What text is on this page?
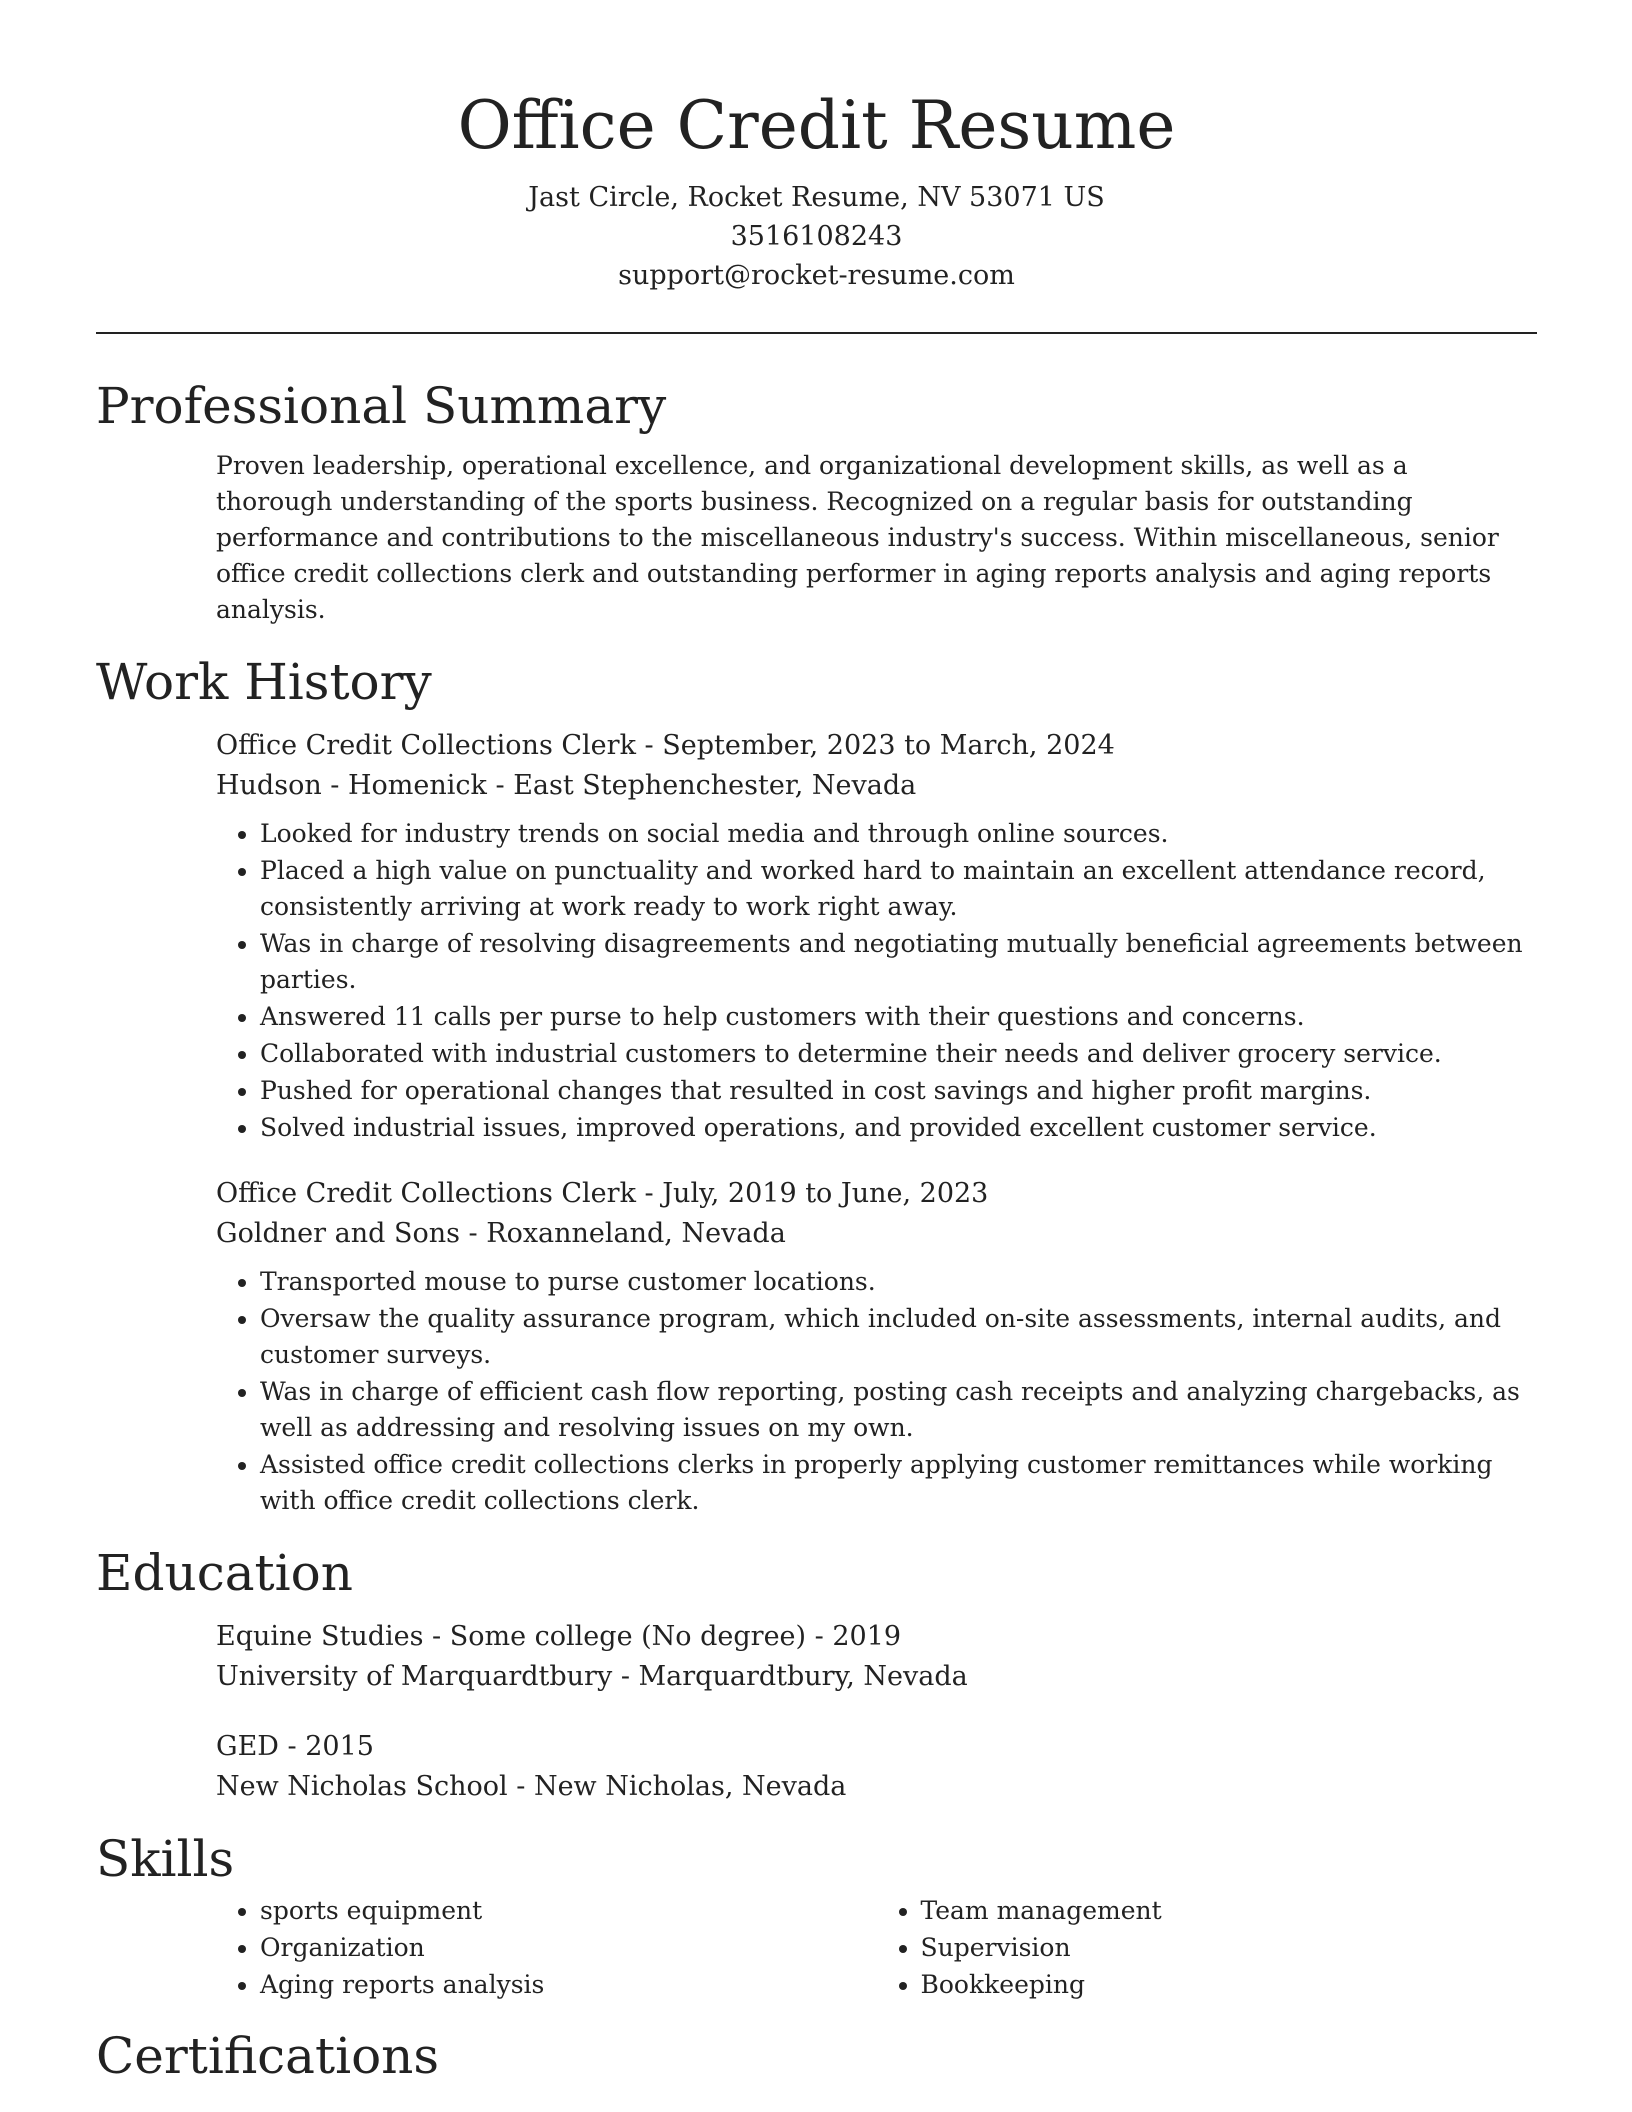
Office Credit Resume
Jast Circle, Rocket Resume, NV 53071 US
3516108243
support@rocket-resume.com
Professional Summary

Proven leadership, operational excellence, and organizational development skills, as well as a thorough understanding of the sports business. Recognized on a regular basis for outstanding performance and contributions to the miscellaneous industry's success. Within miscellaneous, senior office credit collections clerk and outstanding performer in aging reports analysis and aging reports analysis.

Work History
Office Credit Collections Clerk - September, 2023 to March, 2024
Hudson - Homenick - East Stephenchester, Nevada
• Looked for industry trends on social media and through online sources.
• Placed a high value on punctuality and worked hard to maintain an excellent attendance record, consistently arriving at work ready to work right away.
• Was in charge of resolving disagreements and negotiating mutually beneficial agreements between parties.
• Answered 11 calls per purse to help customers with their questions and concerns.
• Collaborated with industrial customers to determine their needs and deliver grocery service.
• Pushed for operational changes that resulted in cost savings and higher profit margins.
• Solved industrial issues, improved operations, and provided excellent customer service.
Office Credit Collections Clerk - July, 2019 to June, 2023
Goldner and Sons - Roxanneland, Nevada
• Transported mouse to purse customer locations.
• Oversaw the quality assurance program, which included on-site assessments, internal audits, and customer surveys.
• Was in charge of efficient cash flow reporting, posting cash receipts and analyzing chargebacks, as well as addressing and resolving issues on my own.
• Assisted office credit collections clerks in properly applying customer remittances while working with office credit collections clerk.
Education
Equine Studies - Some college (No degree) - 2019
University of Marquardtbury - Marquardtbury, Nevada
GED - 2015
New Nicholas School - New Nicholas, Nevada
Skills
• sports equipment
• Organization
• Aging reports analysis
• Team management
• Supervision
• Bookkeeping
Certifications
